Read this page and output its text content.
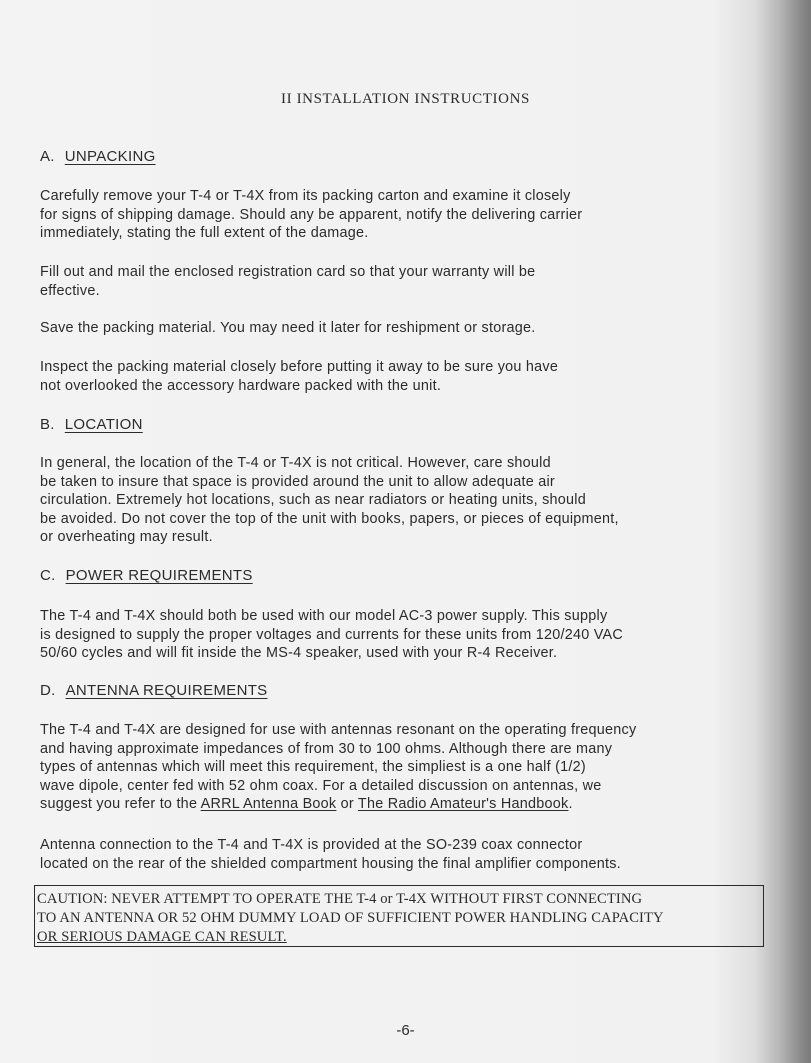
II INSTALLATION INSTRUCTIONS
A. UNPACKING
Carefully remove your T-4 or T-4X from its packing carton and examine it closely
for signs of shipping damage. Should any be apparent, notify the delivering carrier
immediately, stating the full extent of the damage.
Fill out and mail the enclosed registration card so that your warranty will be
effective.
Save the packing material. You may need it later for reshipment or storage.
Inspect the packing material closely before putting it away to be sure you have
not overlooked the accessory hardware packed with the unit.
B. LOCATION
In general, the location of the T-4 or T-4X is not critical. However, care should
be taken to insure that space is provided around the unit to allow adequate air
circulation. Extremely hot locations, such as near radiators or heating units, should
be avoided. Do not cover the top of the unit with books, papers, or pieces of equipment,
or overheating may result.
C. POWER REQUIREMENTS
The T-4 and T-4X should both be used with our model AC-3 power supply. This supply
is designed to supply the proper voltages and currents for these units from 120/240 VAC
50/60 cycles and will fit inside the MS-4 speaker, used with your R-4 Receiver.
D. ANTENNA REQUIREMENTS
The T-4 and T-4X are designed for use with antennas resonant on the operating frequency
and having approximate impedances of from 30 to 100 ohms. Although there are many
types of antennas which will meet this requirement, the simpliest is a one half (1/2)
wave dipole, center fed with 52 ohm coax. For a detailed discussion on antennas, we
suggest you refer to the ARRL Antenna Book or The Radio Amateur's Handbook.
Antenna connection to the T-4 and T-4X is provided at the SO-239 coax connector
located on the rear of the shielded compartment housing the final amplifier components.
CAUTION: NEVER ATTEMPT TO OPERATE THE T-4 or T-4X WITHOUT FIRST CONNECTING
TO AN ANTENNA OR 52 OHM DUMMY LOAD OF SUFFICIENT POWER HANDLING CAPACITY
OR SERIOUS DAMAGE CAN RESULT.
-6-
